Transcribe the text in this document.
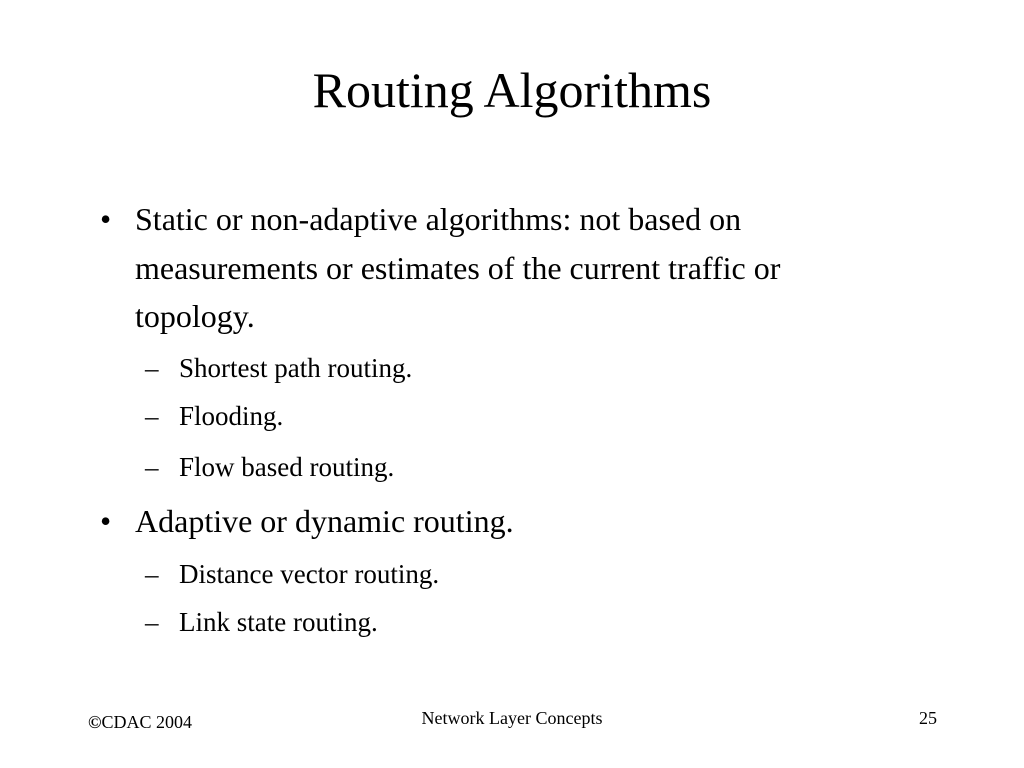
Routing Algorithms
• Static or non-adaptive algorithms: not based on
measurements or estimates of the current traffic or
topology.
– Shortest path routing.
– Flooding.
– Flow based routing.
• Adaptive or dynamic routing.
– Distance vector routing.
– Link state routing.
©CDAC 2004	Network Layer Concepts	25
